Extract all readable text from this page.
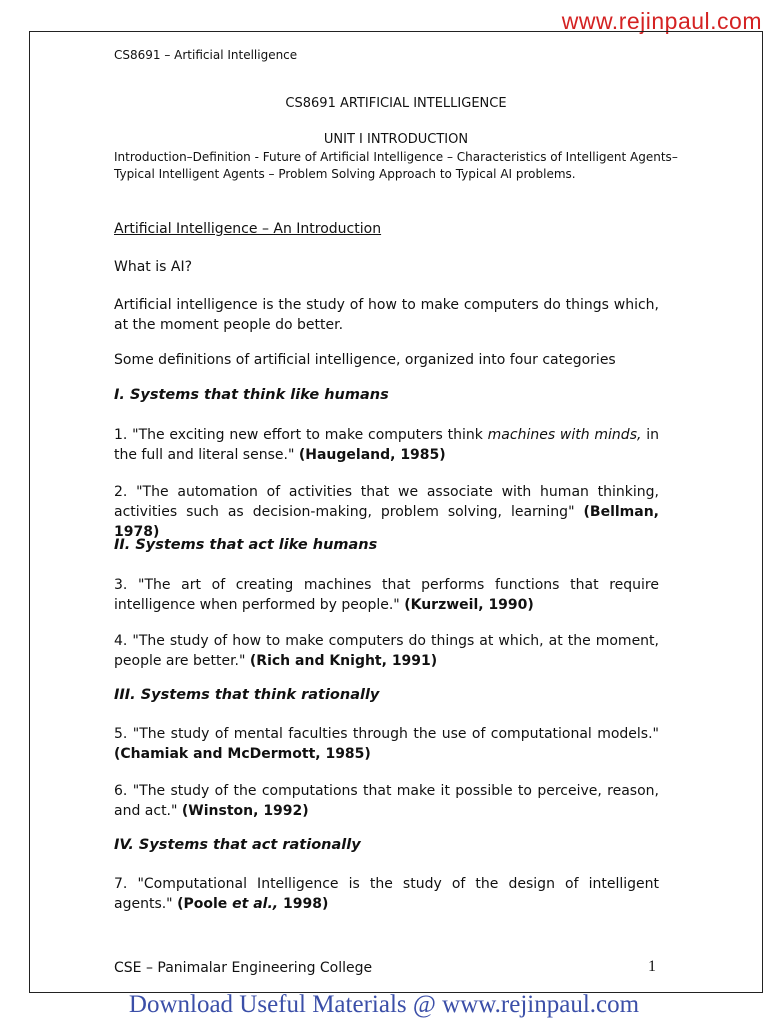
www.rejinpaul.com
CS8691 – Artificial Intelligence
CS8691 ARTIFICIAL INTELLIGENCE
UNIT I INTRODUCTION
Introduction–Definition - Future of Artificial Intelligence – Characteristics of Intelligent Agents–Typical Intelligent Agents – Problem Solving Approach to Typical AI problems.
Artificial Intelligence – An Introduction
What is AI?

Artificial intelligence is the study of how to make computers do things which, at the moment people do better.

Some definitions of artificial intelligence, organized into four categories

I. Systems that think like humans

1. "The exciting new effort to make computers think machines with minds, in the full and literal sense." (Haugeland, 1985)

2. "The automation of activities that we associate with human thinking, activities such as decision-making, problem solving, learning" (Bellman, 1978)

II. Systems that act like humans

3. "The art of creating machines that performs functions that require intelligence when performed by people." (Kurzweil, 1990)

4. "The study of how to make computers do things at which, at the moment, people are better." (Rich and Knight, 1991)

III. Systems that think rationally

5. "The study of mental faculties through the use of computational models." (Chamiak and McDermott, 1985)

6. "The study of the computations that make it possible to perceive, reason, and act." (Winston, 1992)

IV. Systems that act rationally

7. "Computational Intelligence is the study of the design of intelligent agents." (Poole et al., 1998)

CSE – Panimalar Engineering College	1
Download Useful Materials @ www.rejinpaul.com
